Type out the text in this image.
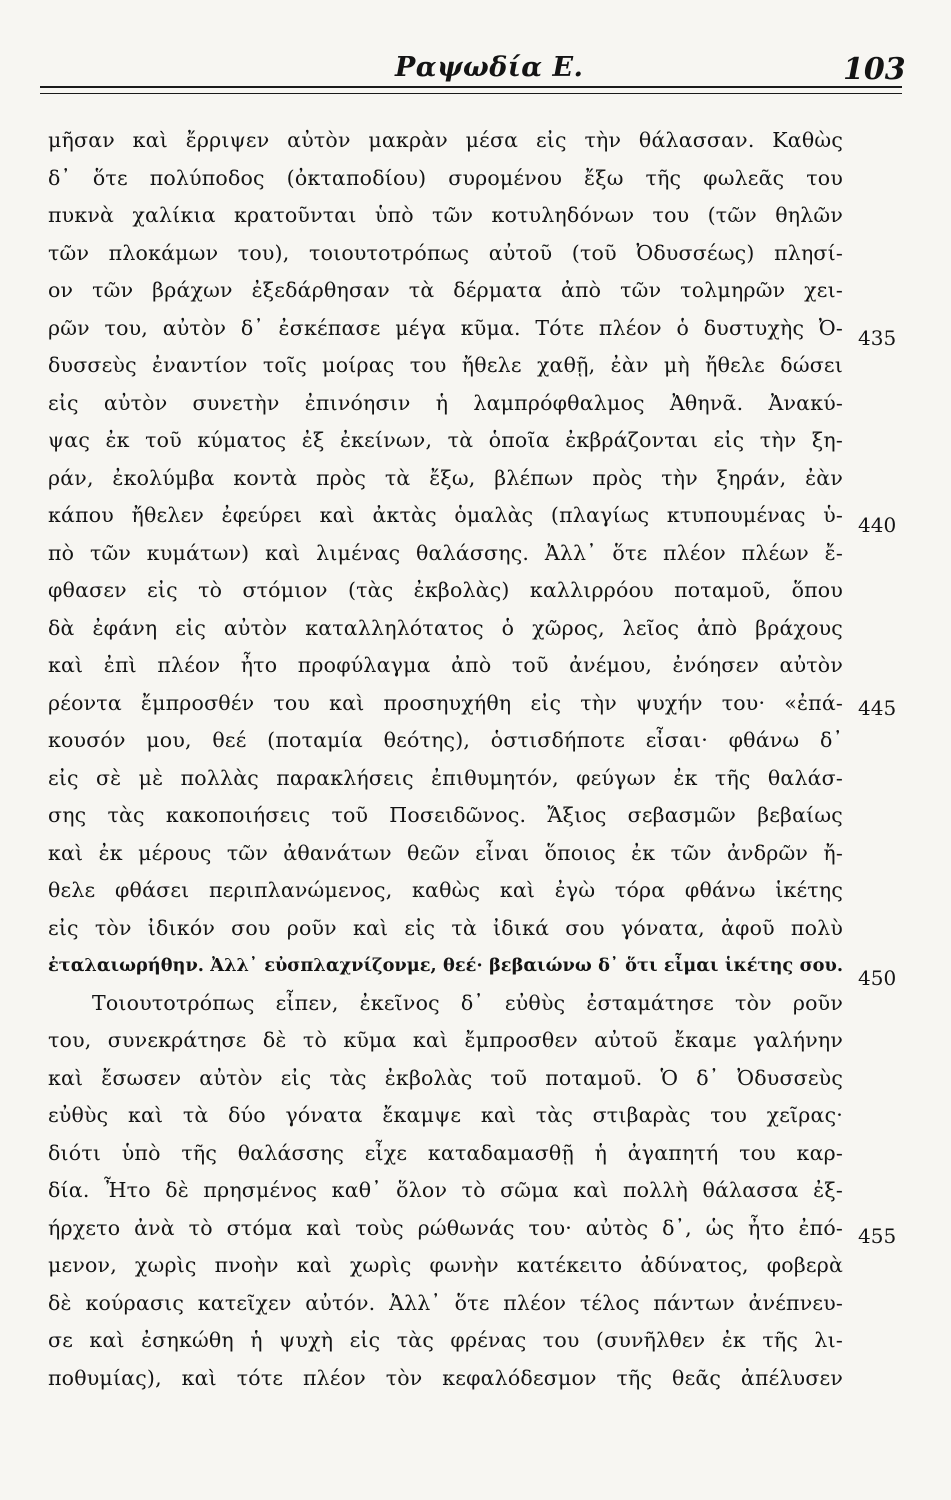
Ραψωδία Ε.	103
μῆσαν καὶ ἔρριψεν αὐτὸν μακρὰν μέσα εἰς τὴν θάλασσαν. Καθὼς
δ᾽ ὅτε πολύποδος (ὀκταποδίου) συρομένου ἔξω τῆς φωλεᾶς του
πυκνὰ χαλίκια κρατοῦνται ὑπὸ τῶν κοτυληδόνων του (τῶν θηλῶν
τῶν πλοκάμων του), τοιουτοτρόπως αὐτοῦ (τοῦ Ὀδυσσέως) πλησί-
ον τῶν βράχων ἐξεδάρθησαν τὰ δέρματα ἀπὸ τῶν τολμηρῶν χει-
ρῶν του, αὐτὸν δ᾽ ἐσκέπασε μέγα κῦμα. Τότε πλέον ὁ δυστυχὴς Ὀ-
δυσσεὺς ἐναντίον τοῖς μοίρας του ἤθελε χαθῇ, ἐὰν μὴ ἤθελε δώσει
εἰς αὐτὸν συνετὴν ἐπινόησιν ἡ λαμπρόφθαλμος Ἀθηνᾶ. Ἀνακύ-
ψας ἐκ τοῦ κύματος ἐξ ἐκείνων, τὰ ὁποῖα ἐκβράζονται εἰς τὴν ξη-
ράν, ἐκολύμβα κοντὰ πρὸς τὰ ἔξω, βλέπων πρὸς τὴν ξηράν, ἐὰν
κάπου ἤθελεν ἐφεύρει καὶ ἀκτὰς ὁμαλὰς (πλαγίως κτυπουμένας ὑ-
πὸ τῶν κυμάτων) καὶ λιμένας θαλάσσης. Ἀλλ᾽ ὅτε πλέον πλέων ἔ-
φθασεν εἰς τὸ στόμιον (τὰς ἐκβολὰς) καλλιρρόου ποταμοῦ, ὅπου
δὰ ἐφάνη εἰς αὐτὸν καταλληλότατος ὁ χῶρος, λεῖος ἀπὸ βράχους
καὶ ἐπὶ πλέον ἦτο προφύλαγμα ἀπὸ τοῦ ἀνέμου, ἐνόησεν αὐτὸν
ρέοντα ἔμπροσθέν του καὶ προσηυχήθη εἰς τὴν ψυχήν του· «ἐπά-
κουσόν μου, θεέ (ποταμία θεότης), ὁστισδήποτε εἶσαι· φθάνω δ᾽
εἰς σὲ μὲ πολλὰς παρακλήσεις ἐπιθυμητόν, φεύγων ἐκ τῆς θαλάσ-
σης τὰς κακοποιήσεις τοῦ Ποσειδῶνος. Ἄξιος σεβασμῶν βεβαίως
καὶ ἐκ μέρους τῶν ἀθανάτων θεῶν εἶναι ὅποιος ἐκ τῶν ἀνδρῶν ἤ-
θελε φθάσει περιπλανώμενος, καθὼς καὶ ἐγὼ τόρα φθάνω ἱκέτης
εἰς τὸν ἰδικόν σου ροῦν καὶ εἰς τὰ ἰδικά σου γόνατα, ἀφοῦ πολὺ
ἐταλαιωρήθην. Ἀλλ᾽ εὐσπλαχνίζονμε, θεέ· βεβαιώνω δ᾽ ὅτι εἶμαι ἱκέτης σου.
Τοιουτοτρόπως εἶπεν, ἐκεῖνος δ᾽ εὐθὺς ἐσταμάτησε τὸν ροῦν
του, συνεκράτησε δὲ τὸ κῦμα καὶ ἔμπροσθεν αὐτοῦ ἔκαμε γαλήνην
καὶ ἔσωσεν αὐτὸν εἰς τὰς ἐκβολὰς τοῦ ποταμοῦ. Ὁ δ᾽ Ὀδυσσεὺς
εὐθὺς καὶ τὰ δύο γόνατα ἔκαμψε καὶ τὰς στιβαρὰς του χεῖρας·
διότι ὑπὸ τῆς θαλάσσης εἶχε καταδαμασθῇ ἡ ἀγαπητή του καρ-
δία. Ἦτο δὲ πρησμένος καθ᾽ ὅλον τὸ σῶμα καὶ πολλὴ θάλασσα ἐξ-
ήρχετο ἀνὰ τὸ στόμα καὶ τοὺς ρώθωνάς του· αὐτὸς δ᾽, ὡς ἦτο ἐπό-
μενον, χωρὶς πνοὴν καὶ χωρὶς φωνὴν κατέκειτο ἀδύνατος, φοβερὰ
δὲ κούρασις κατεῖχεν αὐτόν. Ἀλλ᾽ ὅτε πλέον τέλος πάντων ἀνέπνευ-
σε καὶ ἐσηκώθη ἡ ψυχὴ εἰς τὰς φρένας του (συνῆλθεν ἐκ τῆς λι-
ποθυμίας), καὶ τότε πλέον τὸν κεφαλόδεσμον τῆς θεᾶς ἀπέλυσεν
435
440
445
450
455
